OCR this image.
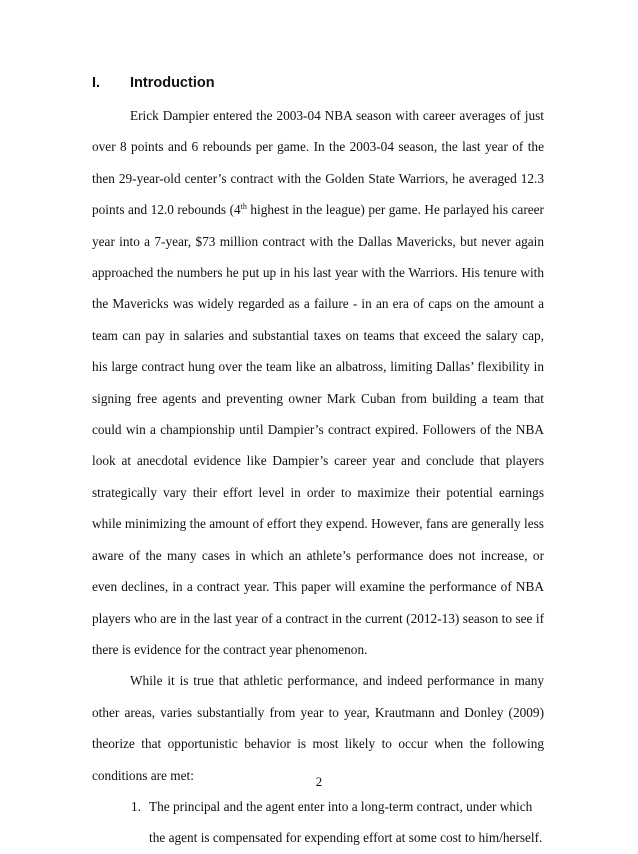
I. Introduction

Erick Dampier entered the 2003-04 NBA season with career averages of just over 8 points and 6 rebounds per game. In the 2003-04 season, the last year of the then 29-year-old center’s contract with the Golden State Warriors, he averaged 12.3 points and 12.0 rebounds (4th highest in the league) per game. He parlayed his career year into a 7-year, $73 million contract with the Dallas Mavericks, but never again approached the numbers he put up in his last year with the Warriors. His tenure with the Mavericks was widely regarded as a failure - in an era of caps on the amount a team can pay in salaries and substantial taxes on teams that exceed the salary cap, his large contract hung over the team like an albatross, limiting Dallas’ flexibility in signing free agents and preventing owner Mark Cuban from building a team that could win a championship until Dampier’s contract expired. Followers of the NBA look at anecdotal evidence like Dampier’s career year and conclude that players strategically vary their effort level in order to maximize their potential earnings while minimizing the amount of effort they expend. However, fans are generally less aware of the many cases in which an athlete’s performance does not increase, or even declines, in a contract year. This paper will examine the performance of NBA players who are in the last year of a contract in the current (2012-13) season to see if there is evidence for the contract year phenomenon.

While it is true that athletic performance, and indeed performance in many other areas, varies substantially from year to year, Krautmann and Donley (2009) theorize that opportunistic behavior is most likely to occur when the following conditions are met:

1. The principal and the agent enter into a long-term contract, under which the agent is compensated for expending effort at some cost to him/herself.
2
